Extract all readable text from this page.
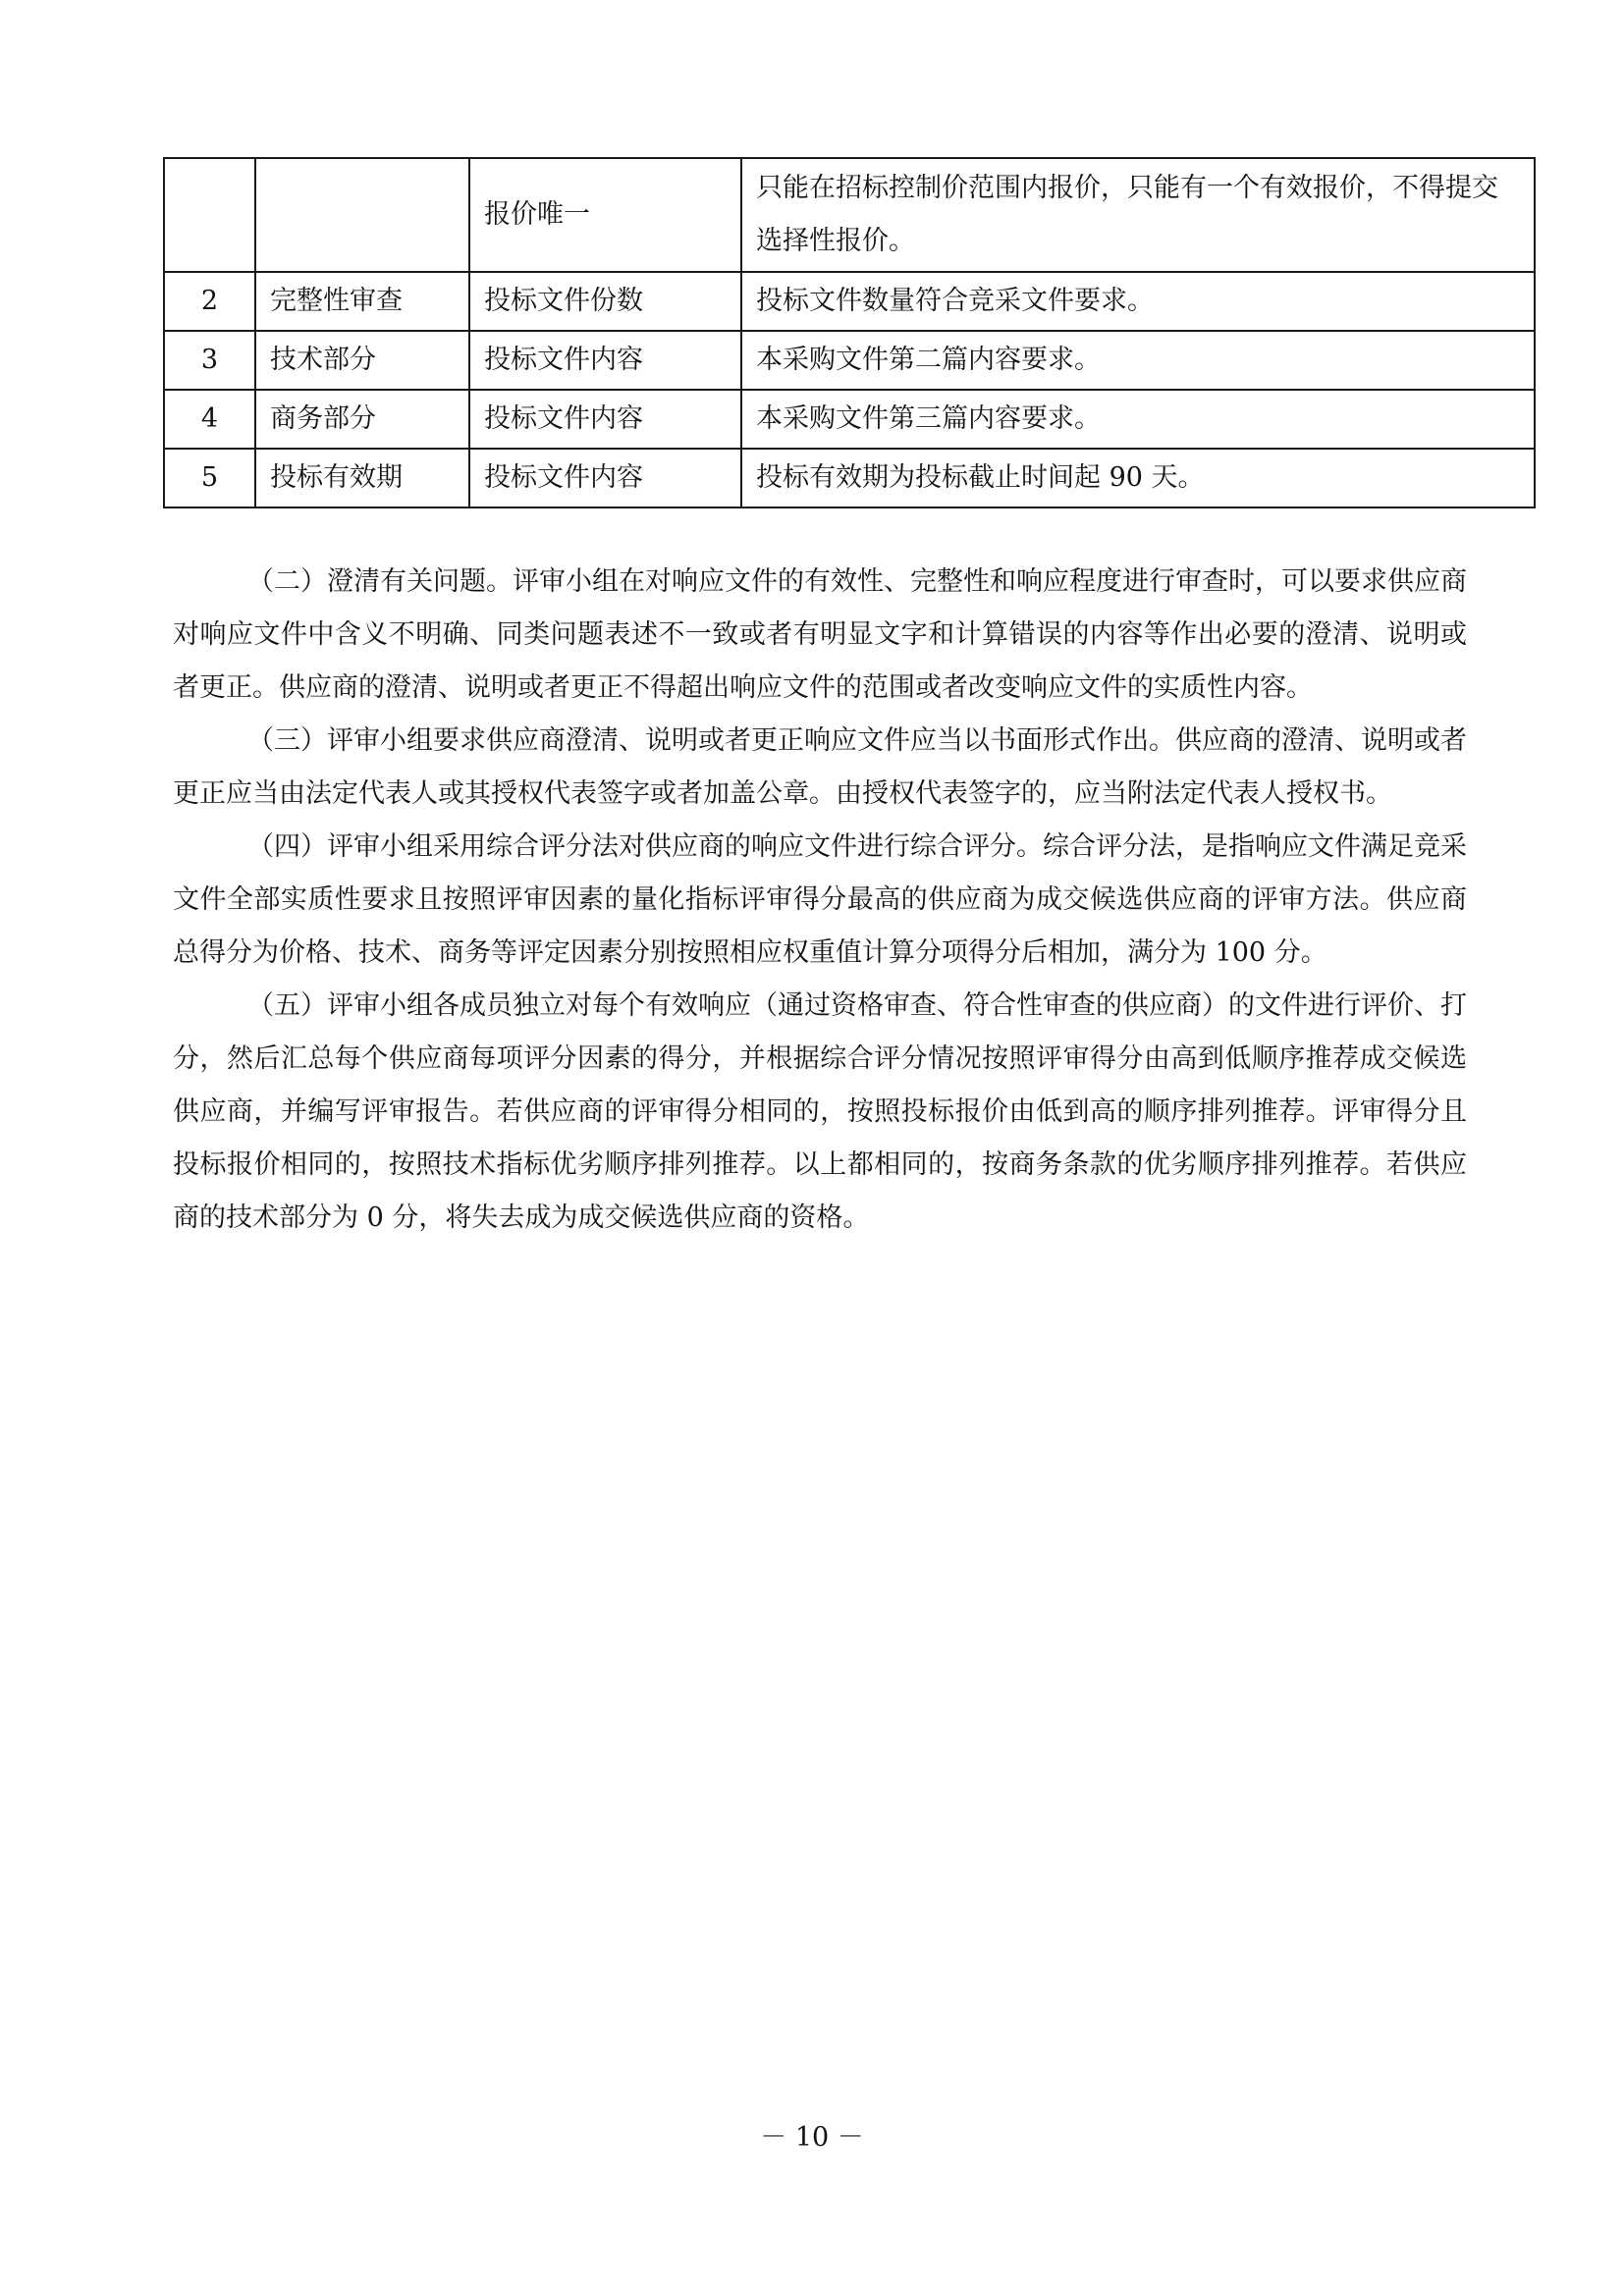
		报价唯一	只能在招标控制价范围内报价，只能有一个有效报价，不得提交选择性报价。
2	完整性审查	投标文件份数	投标文件数量符合竞采文件要求。
3	技术部分	投标文件内容	本采购文件第二篇内容要求。
4	商务部分	投标文件内容	本采购文件第三篇内容要求。
5	投标有效期	投标文件内容	投标有效期为投标截止时间起 90 天。

（二）澄清有关问题。评审小组在对响应文件的有效性、完整性和响应程度进行审查时，可以要求供应商对响应文件中含义不明确、同类问题表述不一致或者有明显文字和计算错误的内容等作出必要的澄清、说明或者更正。供应商的澄清、说明或者更正不得超出响应文件的范围或者改变响应文件的实质性内容。

（三）评审小组要求供应商澄清、说明或者更正响应文件应当以书面形式作出。供应商的澄清、说明或者更正应当由法定代表人或其授权代表签字或者加盖公章。由授权代表签字的，应当附法定代表人授权书。

（四）评审小组采用综合评分法对供应商的响应文件进行综合评分。综合评分法，是指响应文件满足竞采文件全部实质性要求且按照评审因素的量化指标评审得分最高的供应商为成交候选供应商的评审方法。供应商总得分为价格、技术、商务等评定因素分别按照相应权重值计算分项得分后相加，满分为 100 分。

（五）评审小组各成员独立对每个有效响应（通过资格审查、符合性审查的供应商）的文件进行评价、打分，然后汇总每个供应商每项评分因素的得分，并根据综合评分情况按照评审得分由高到低顺序推荐成交候选供应商，并编写评审报告。若供应商的评审得分相同的，按照投标报价由低到高的顺序排列推荐。评审得分且投标报价相同的，按照技术指标优劣顺序排列推荐。以上都相同的，按商务条款的优劣顺序排列推荐。若供应商的技术部分为 0 分，将失去成为成交候选供应商的资格。

－ 10 －
